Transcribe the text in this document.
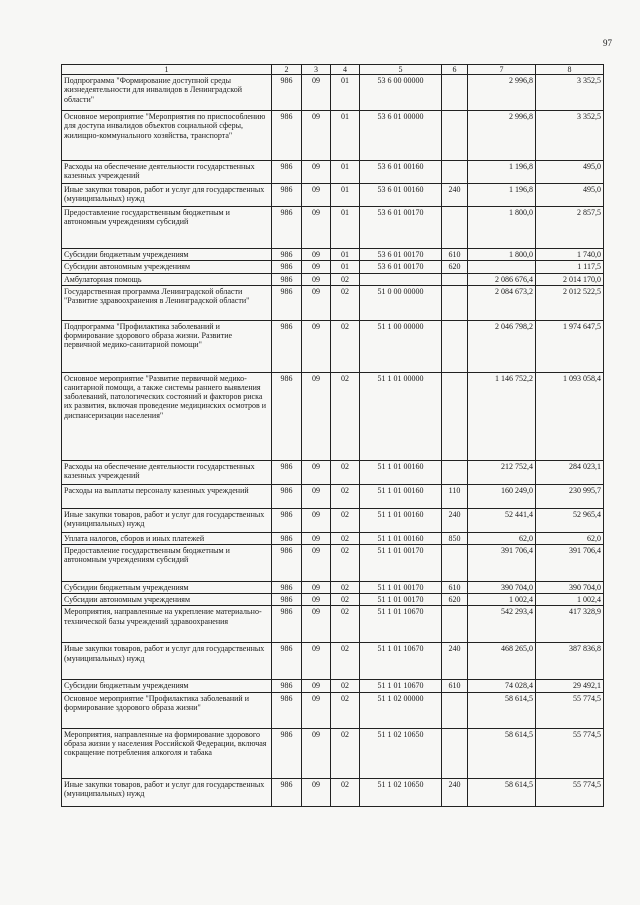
97
1	2	3	4	5	6	7	8
Подпрограмма "Формирование доступной среды жизнедеятельности для инвалидов в Ленинградской области"	986	09	01	53 6 00 00000		2 996,8	3 352,5
Основное мероприятие "Мероприятия по приспособлению для доступа инвалидов объектов социальной сферы, жилищно-коммунального хозяйства, транспорта"	986	09	01	53 6 01 00000		2 996,8	3 352,5
Расходы на обеспечение деятельности государственных казенных учреждений	986	09	01	53 6 01 00160		1 196,8	495,0
Иные закупки товаров, работ и услуг для государственных (муниципальных) нужд	986	09	01	53 6 01 00160	240	1 196,8	495,0
Предоставление государственным бюджетным и автономным учреждениям субсидий	986	09	01	53 6 01 00170		1 800,0	2 857,5
Субсидии бюджетным учреждениям	986	09	01	53 6 01 00170	610	1 800,0	1 740,0
Субсидии автономным учреждениям	986	09	01	53 6 01 00170	620		1 117,5
Амбулаторная помощь	986	09	02			2 086 676,4	2 014 170,0
Государственная программа Ленинградской области "Развитие здравоохранения в Ленинградской области"	986	09	02	51 0 00 00000		2 084 673,2	2 012 522,5
Подпрограмма "Профилактика заболеваний и формирование здорового образа жизни. Развитие первичной медико-санитарной помощи"	986	09	02	51 1 00 00000		2 046 798,2	1 974 647,5
Основное мероприятие "Развитие первичной медико-санитарной помощи, а также системы раннего выявления заболеваний, патологических состояний и факторов риска их развития, включая проведение медицинских осмотров и диспансеризации населения"	986	09	02	51 1 01 00000		1 146 752,2	1 093 058,4
Расходы на обеспечение деятельности государственных казенных учреждений	986	09	02	51 1 01 00160		212 752,4	284 023,1
Расходы на выплаты персоналу казенных учреждений	986	09	02	51 1 01 00160	110	160 249,0	230 995,7
Иные закупки товаров, работ и услуг для государственных (муниципальных) нужд	986	09	02	51 1 01 00160	240	52 441,4	52 965,4
Уплата налогов, сборов и иных платежей	986	09	02	51 1 01 00160	850	62,0	62,0
Предоставление государственным бюджетным и автономным учреждениям субсидий	986	09	02	51 1 01 00170		391 706,4	391 706,4
Субсидии бюджетным учреждениям	986	09	02	51 1 01 00170	610	390 704,0	390 704,0
Субсидии автономным учреждениям	986	09	02	51 1 01 00170	620	1 002,4	1 002,4
Мероприятия, направленные на укрепление материально-технической базы учреждений здравоохранения	986	09	02	51 1 01 10670		542 293,4	417 328,9
Иные закупки товаров, работ и услуг для государственных (муниципальных) нужд	986	09	02	51 1 01 10670	240	468 265,0	387 836,8
Субсидии бюджетным учреждениям	986	09	02	51 1 01 10670	610	74 028,4	29 492,1
Основное мероприятие "Профилактика заболеваний и формирование здорового образа жизни"	986	09	02	51 1 02 00000		58 614,5	55 774,5
Мероприятия, направленные на формирование здорового образа жизни у населения Российской Федерации, включая сокращение потребления алкоголя и табака	986	09	02	51 1 02 10650		58 614,5	55 774,5
Иные закупки товаров, работ и услуг для государственных (муниципальных) нужд	986	09	02	51 1 02 10650	240	58 614,5	55 774,5
